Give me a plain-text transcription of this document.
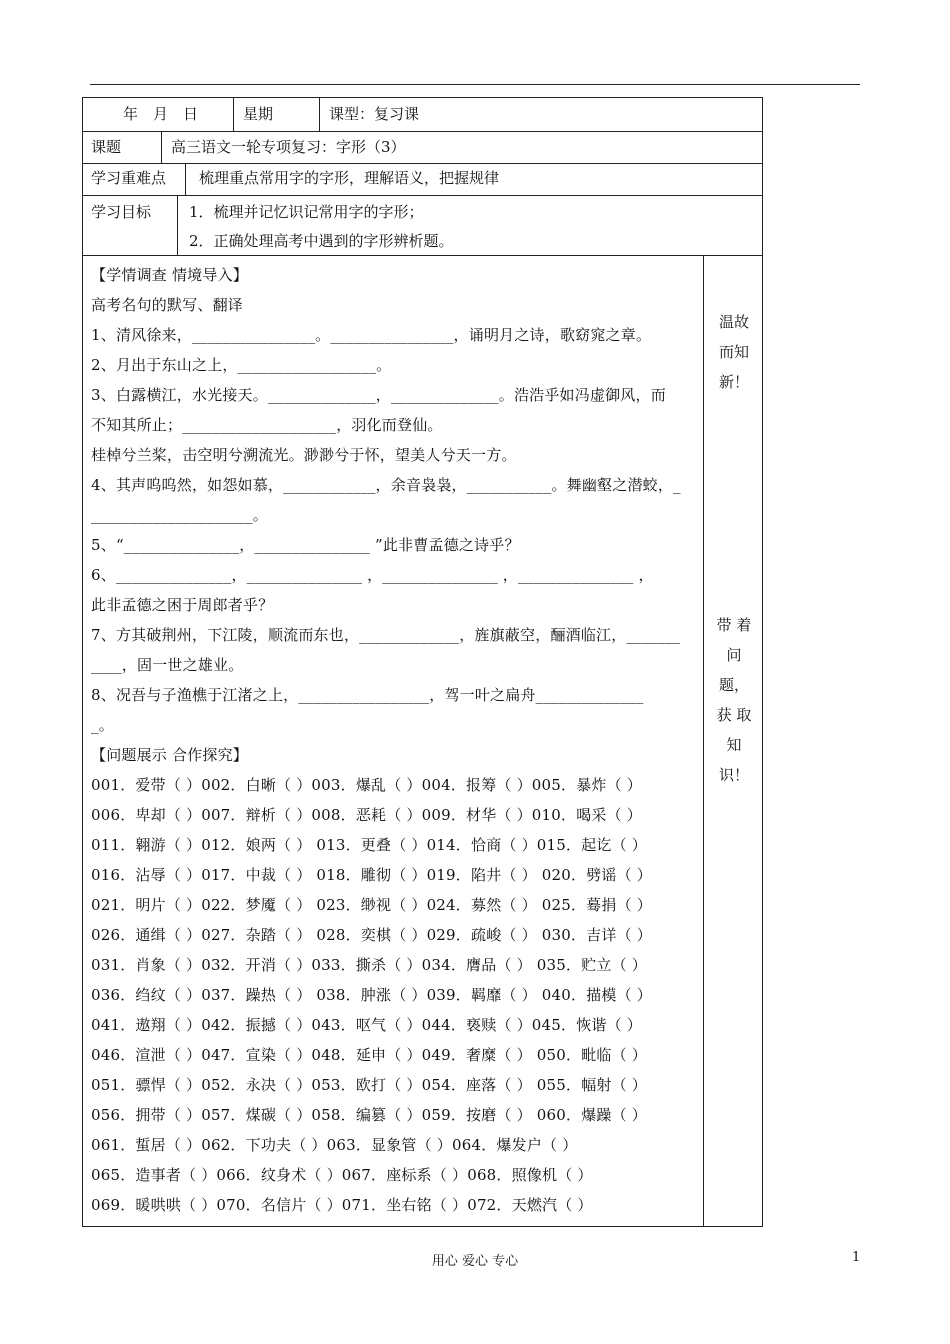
年　月　日	星期	课型：复习课
课题	高三语文一轮专项复习：字形（3）
学习重难点 梳理重点常用字的字形，理解语义，把握规律
学习目标	1．梳理并记忆识记常用字的字形；
2．正确处理高考中遇到的字形辨析题。
【学情调查 情境导入】
高考名句的默写、翻译
1、清风徐来，________________。________________，诵明月之诗，歌窈窕之章。
2、月出于东山之上，__________________。
3、白露横江，水光接天。______________，______________。浩浩乎如冯虚御风，而
不知其所止；____________________，羽化而登仙。
桂棹兮兰桨，击空明兮溯流光。渺渺兮于怀，望美人兮天一方。
4、其声呜呜然，如怨如慕，____________，余音袅袅，___________。舞幽壑之潜蛟，_
_____________________。
5、“_______________，_______________ ”此非曹孟德之诗乎？
6、_______________，_______________ ，_______________ ，_______________ ，
此非孟德之困于周郎者乎？
7、方其破荆州，下江陵，顺流而东也，_____________，旌旗蔽空，酾酒临江，_______
____，固一世之雄业。
8、况吾与子渔樵于江渚之上，_________________，驾一叶之扁舟______________
_。
【问题展示 合作探究】
001．爱带（ ）002．白晰（ ）003．爆乱（ ）004．报筹（ ）005．暴炸（ ）
006．卑却（ ）007．辩析（ ）008．恶耗（ ）009．材华（ ）010．喝采（ ）
011．翱游（ ）012．娘两（ ） 013．更叠（ ）014．恰商（ ）015．起讫（ ）
016．沾辱（ ）017．中裁（ ） 018．雕彻（ ）019．陷井（ ） 020．劈谣（ ）
021．明片（ ）022．梦魇（ ） 023．缈视（ ）024．募然（ ） 025．蓦捐（ ）
026．通缉（ ）027．杂踏（ ） 028．奕棋（ ）029．疏峻（ ） 030．吉详（ ）
031．肖象（ ）032．开消（ ）033．撕杀（ ）034．膺品（ ） 035．贮立（ ）
036．绉纹（ ）037．躁热（ ） 038．肿涨（ ）039．羁靡（ ） 040．描模（ ）
041．遨翔（ ）042．振撼（ ）043．呕气（ ）044．亵赎（ ）045．恢谐（ ）
046．渲泄（ ）047．宣染（ ）048．延申（ ）049．奢糜（ ） 050．毗临（ ）
051．骠悍（ ）052．永决（ ）053．欧打（ ）054．座落（ ） 055．幅射（ ）
056．拥带（ ）057．煤碳（ ）058．编篡（ ）059．按磨（ ） 060．爆躁（ ）
061．蜇居（ ）062．下功夫（ ）063．显象管（ ）064．爆发户（ ）
065．造事者（ ）066．纹身术（ ）067．座标系（ ）068．照像机（ ）
069．暖哄哄（ ）070．名信片（ ）071．坐右铭（ ）072．天燃汽（ ）
温故
而知
新！
带 着
问
题，
获 取
知
识！
用心 爱心 专心	1
